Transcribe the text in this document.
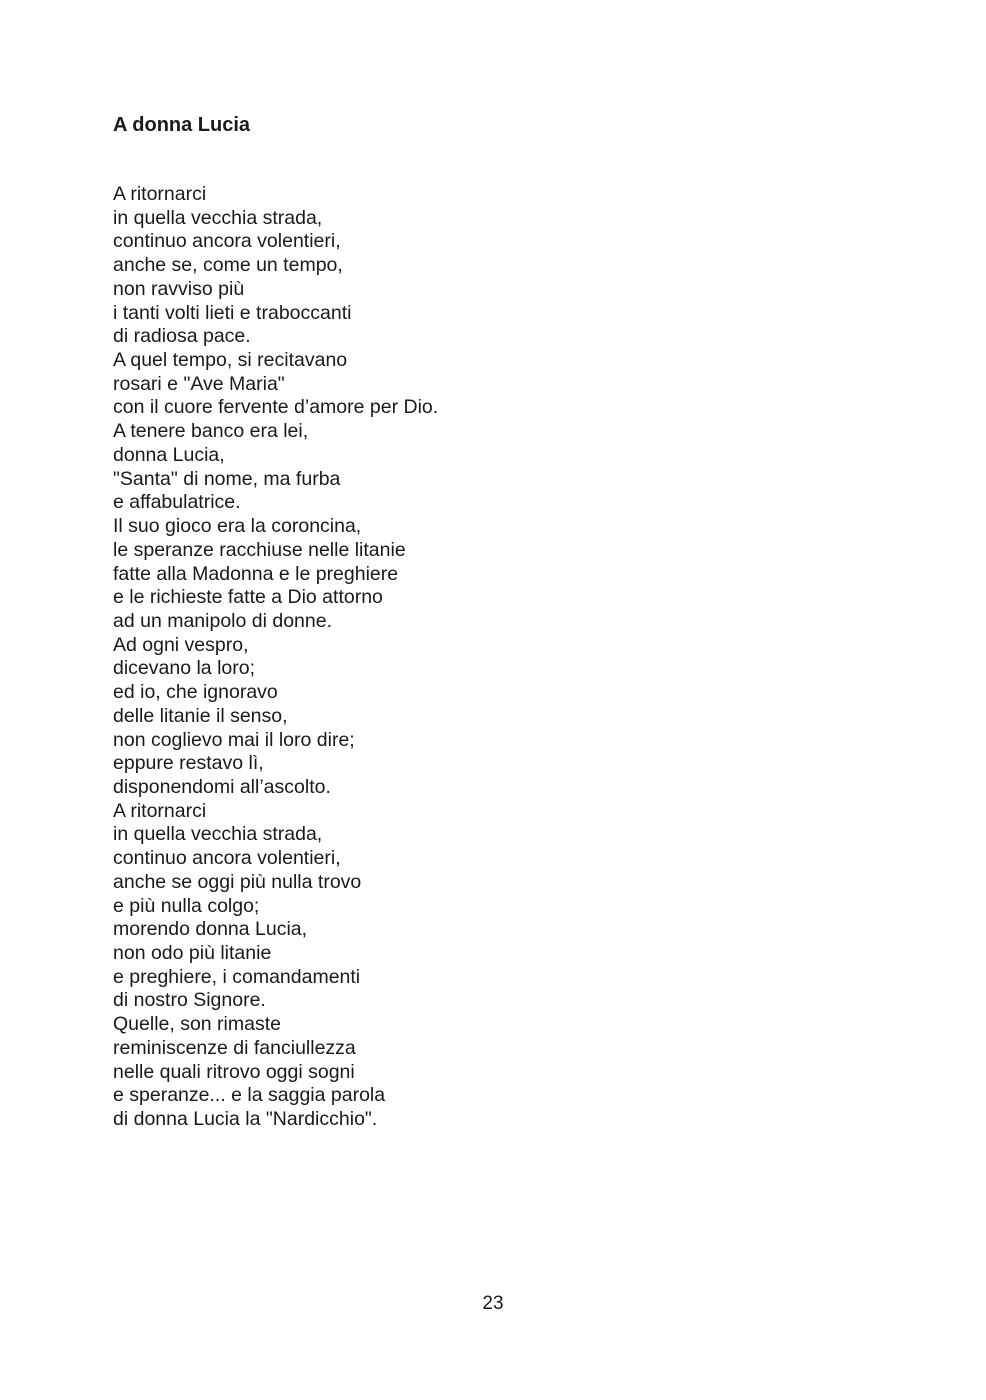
A donna Lucia
A ritornarci
in quella vecchia strada,
continuo ancora volentieri,
anche se, come un tempo,
non ravviso più
i tanti volti lieti e traboccanti
di radiosa pace.
A quel tempo, si recitavano
rosari e "Ave Maria"
con il cuore fervente d’amore per Dio.
A tenere banco era lei,
donna Lucia,
"Santa" di nome, ma furba
e affabulatrice.
Il suo gioco era la coroncina,
le speranze racchiuse nelle litanie
fatte alla Madonna e le preghiere
e le richieste fatte a Dio attorno
ad un manipolo di donne.
Ad ogni vespro,
dicevano la loro;
ed io, che ignoravo
delle litanie il senso,
non coglievo mai il loro dire;
eppure restavo lì,
disponendomi all’ascolto.
A ritornarci
in quella vecchia strada,
continuo ancora volentieri,
anche se oggi più nulla trovo
e più nulla colgo;
morendo donna Lucia,
non odo più litanie
e preghiere, i comandamenti
di nostro Signore.
Quelle, son rimaste
reminiscenze di fanciullezza
nelle quali ritrovo oggi sogni
e speranze... e la saggia parola
di donna Lucia la "Nardicchio".
23
